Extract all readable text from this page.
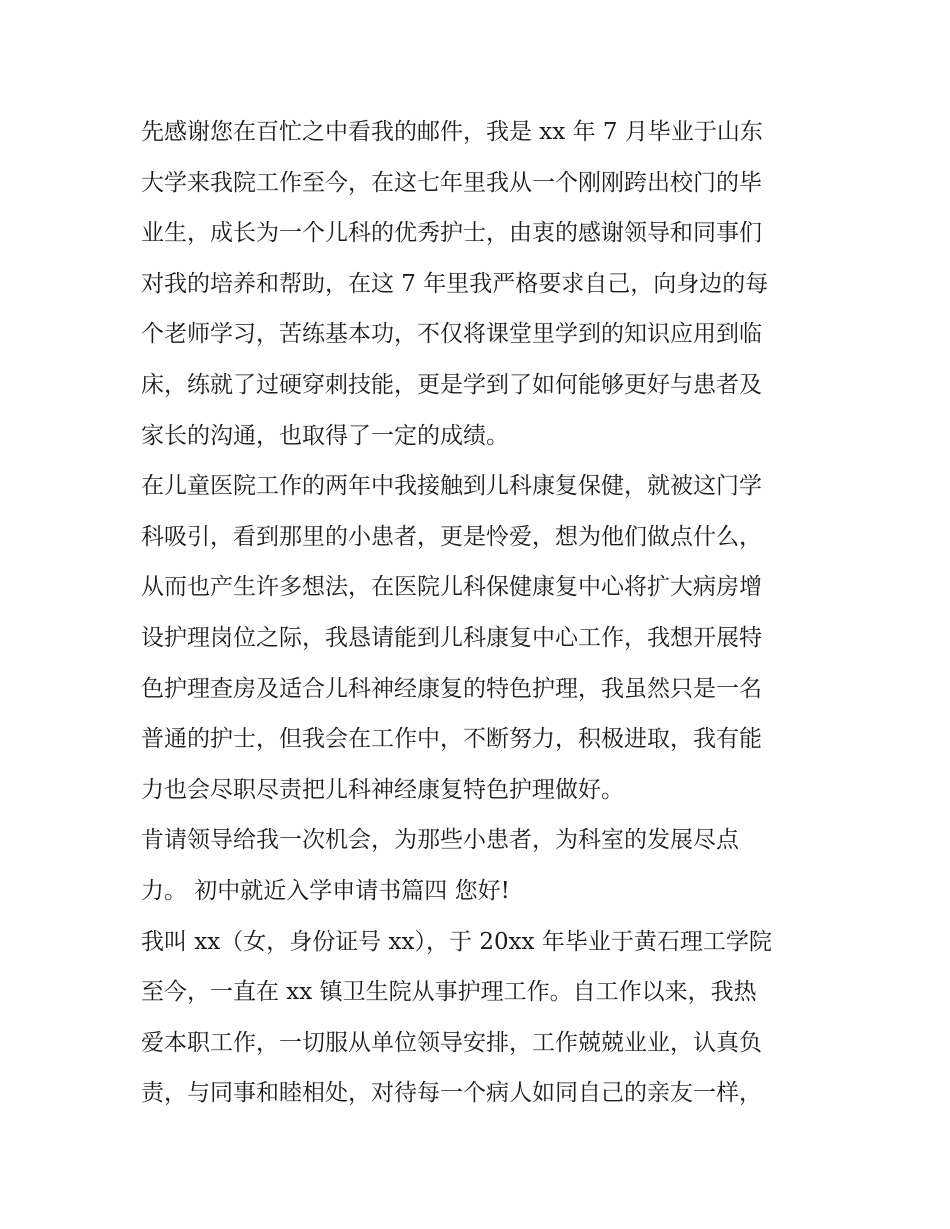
先感谢您在百忙之中看我的邮件，我是 xx 年 7 月毕业于山东
大学来我院工作至今，在这七年里我从一个刚刚跨出校门的毕
业生，成长为一个儿科的优秀护士，由衷的感谢领导和同事们
对我的培养和帮助，在这 7 年里我严格要求自己，向身边的每
个老师学习，苦练基本功，不仅将课堂里学到的知识应用到临
床，练就了过硬穿刺技能，更是学到了如何能够更好与患者及
家长的沟通，也取得了一定的成绩。
在儿童医院工作的两年中我接触到儿科康复保健，就被这门学
科吸引，看到那里的小患者，更是怜爱，想为他们做点什么，
从而也产生许多想法，在医院儿科保健康复中心将扩大病房增
设护理岗位之际，我恳请能到儿科康复中心工作，我想开展特
色护理查房及适合儿科神经康复的特色护理，我虽然只是一名
普通的护士，但我会在工作中，不断努力，积极进取，我有能
力也会尽职尽责把儿科神经康复特色护理做好。
肯请领导给我一次机会，为那些小患者，为科室的发展尽点
力。 初中就近入学申请书篇四 您好!
我叫 xx（女，身份证号 xx），于 20xx 年毕业于黄石理工学院
至今，一直在 xx 镇卫生院从事护理工作。自工作以来，我热
爱本职工作，一切服从单位领导安排，工作兢兢业业，认真负
责，与同事和睦相处，对待每一个病人如同自己的亲友一样，
